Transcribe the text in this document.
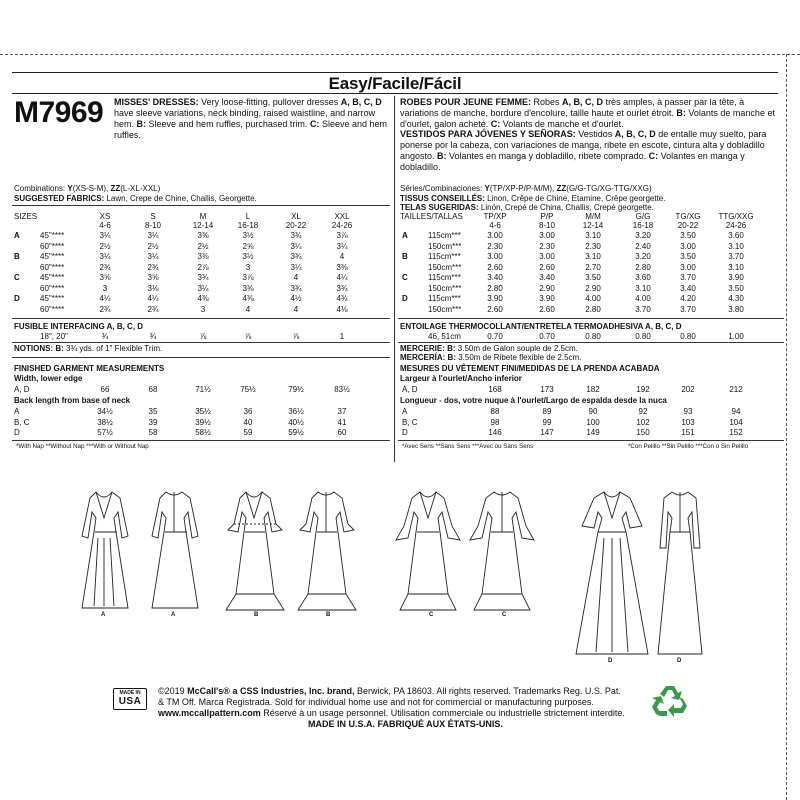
Easy/Facile/Fácil
M7969 MISSES' DRESSES: Very loose-fitting, pullover dresses A, B, C, D have sleeve variations, neck binding, raised waistline, and narrow hem. B: Sleeve and hem ruffles, purchased trim. C: Sleeve and hem ruffles.
ROBES POUR JEUNE FEMME: Robes A, B, C, D très amples, à passer par la tête, à variations de manche, bordure d'encolure, taille haute et ourlet étroit. B: Volants de manche et d'ourlet, galon acheté. C: Volants de manche et d'ourlet.
VESTIDOS PARA JÓVENES Y SEÑORAS: Vestidos A, B, C, D de entalle muy suelto, para ponerse por la cabeza, con variaciones de manga, ribete en escote, cintura alta y dobladillo angosto. B: Volantes en manga y dobladillo, ribete comprado. C: Volantes en manga y dobladillo.
Combinations: Y(XS-S-M), ZZ(L-XL-XXL)
SUGGESTED FABRICS: Lawn, Crepe de Chine, Challis, Georgette.
SIZES	XS	S	M	L	XL	XXL
4-6	8-10	12-14	16-18	20-22	24-26
A	45"****	3¼	3¼	3⅜	3½	3¾	3⅞
60"****	2½	2½	2½	2⅝	3¼	3¼
B	45"****	3¼	3¼	3⅜	3½	3¾	4
60"****	2¾	2¾	2⅞	3	3¼	3⅜
C	45"****	3⅝	3⅝	3¾	3⅞	4	4¼
60"****	3	3⅛	3¼	3⅜	3¾	3¾
D	45"****	4¼	4¼	4⅜	4⅜	4½	4¾
60"****	2¾	2¾	3	4	4	4⅛
FUSIBLE INTERFACING A, B, C, D
18", 20"	¾	¾	⅞	⅞	⅞	1
NOTIONS: B: 3¾ yds. of 1" Flexible Trim.
FINISHED GARMENT MEASUREMENTS
Width, lower edge
A, D	66	68	71½	75½	79½	83½
Back length from base of neck
A	34½	35	35½	36	36½	37
B, C	38½	39	39½	40	40½	41
D	57½	58	58½	59	59½	60
*With Nap **Without Nap ***With or Without Nap
Séries/Combinaciones: Y(TP/XP-P/P-M/M), ZZ(G/G-TG/XG-TTG/XXG)
TISSUS CONSEILLÉS: Linon, Crêpe de Chine, Etamine, Crêpe georgette.
TELAS SUGERIDAS: Linón, Crepé de China, Challis, Crepé georgette.
TAILLES/TALLAS	TP/XP	P/P	M/M	G/G	TG/XG	TTG/XXG
4-6	8-10	12-14	16-18	20-22	24-26
A	115cm***	3.00	3.00	3.10	3.20	3.50	3.60
150cm***	2.30	2.30	2.30	2.40	3.00	3.10
B	115cm***	3.00	3.00	3.10	3.20	3.50	3.70
150cm***	2.60	2.60	2.70	2.80	3.00	3.10
C	115cm***	3.40	3.40	3.50	3.60	3.70	3.90
150cm***	2.80	2.90	2.90	3.10	3.40	3.50
D	115cm***	3.90	3.90	4.00	4.00	4.20	4.30
150cm***	2.60	2.60	2.80	3.70	3.70	3.80
ENTOILAGE THERMOCOLLANT/ENTRETELA TERMOADHESIVA A, B, C, D
46, 51cm	0.70	0.70	0.80	0.80	0.80	1.00
MERCERIE: B: 3.50m de Galon souple de 2.5cm.
MERCERÍA: B: 3.50m de Ribete flexible de 2.5cm.
MESURES DU VÊTEMENT FINI/MEDIDAS DE LA PRENDA ACABADA
Largeur à l'ourlet/Ancho inferior
A, D	168	173	182	192	202	212
Longueur - dos, votre nuque à l'ourlet/Largo de espalda desde la nuca
A	88	89	90	92	93	94
B, C	98	99	100	102	103	104
D	146	147	149	150	151	152
*Avec Sens **Sans Sens ***Avec ou Sans Sens	*Con Pelillo **Sin Pelillo ***Con o Sin Pelillo
A	A	B	B	C	C
D	D
MADE IN
USA
©2019 McCall's® a CSS Industries, Inc. brand, Berwick, PA 18603. All rights reserved. Trademarks Reg. U.S. Pat.
& TM Off. Marca Registrada. Sold for individual home use and not for commercial or manufacturing purposes.
www.mccallpattern.com Réservé à un usage personnel. Utilisation commerciale ou industrielle strictement interdite.
MADE IN U.S.A. FABRIQUÉ AUX ÉTATS-UNIS.
